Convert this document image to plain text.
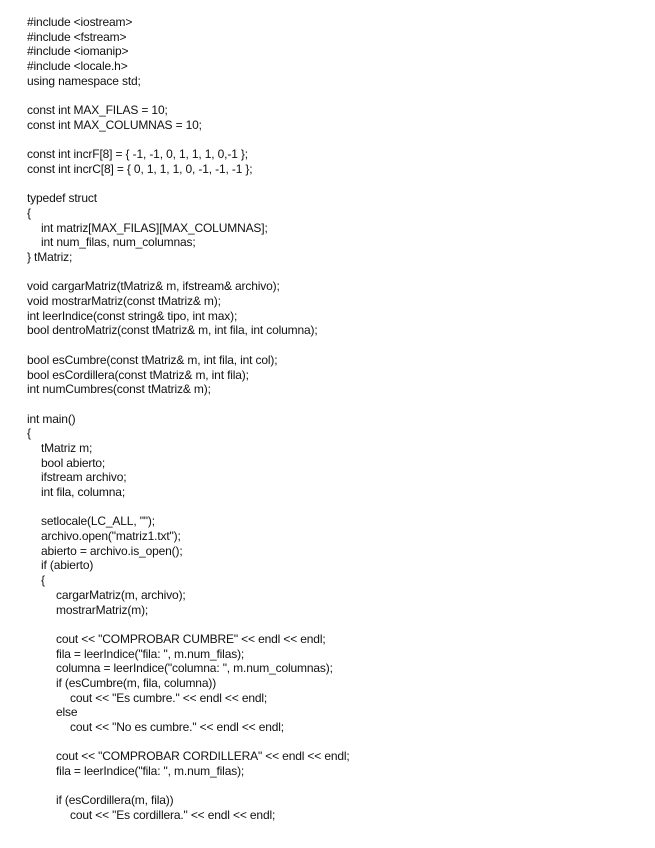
#include <iostream>
#include <fstream>
#include <iomanip>
#include <locale.h>
using namespace std;
const int MAX_FILAS = 10;
const int MAX_COLUMNAS = 10;
const int incrF[8] = { -1, -1, 0, 1, 1, 1, 0,-1 };
const int incrC[8] = { 0, 1, 1, 1, 0, -1, -1, -1 };
typedef struct
{
int matriz[MAX_FILAS][MAX_COLUMNAS];
int num_filas, num_columnas;
} tMatriz;
void cargarMatriz(tMatriz& m, ifstream& archivo);
void mostrarMatriz(const tMatriz& m);
int leerIndice(const string& tipo, int max);
bool dentroMatriz(const tMatriz& m, int fila, int columna);
bool esCumbre(const tMatriz& m, int fila, int col);
bool esCordillera(const tMatriz& m, int fila);
int numCumbres(const tMatriz& m);
int main()
{
tMatriz m;
bool abierto;
ifstream archivo;
int fila, columna;
setlocale(LC_ALL, "");
archivo.open("matriz1.txt");
abierto = archivo.is_open();
if (abierto)
{
cargarMatriz(m, archivo);
mostrarMatriz(m);
cout << "COMPROBAR CUMBRE" << endl << endl;
fila = leerIndice("fila: ", m.num_filas);
columna = leerIndice("columna: ", m.num_columnas);
if (esCumbre(m, fila, columna))
cout << "Es cumbre." << endl << endl;
else
cout << "No es cumbre." << endl << endl;
cout << "COMPROBAR CORDILLERA" << endl << endl;
fila = leerIndice("fila: ", m.num_filas);
if (esCordillera(m, fila))
cout << "Es cordillera." << endl << endl;
